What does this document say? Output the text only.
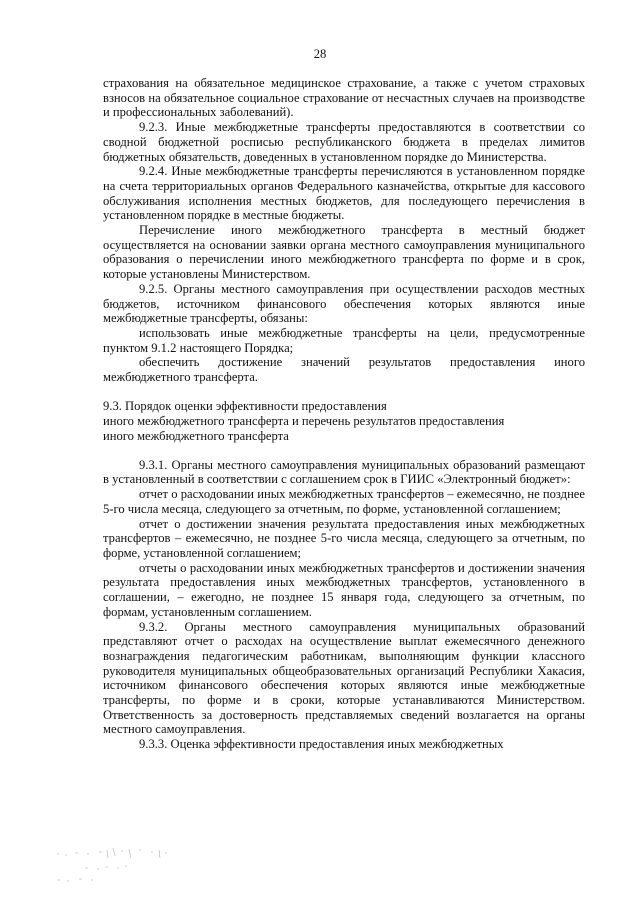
28

страхования на обязательное медицинское страхование, а также с учетом страховых взносов на обязательное социальное страхование от несчастных случаев на производстве и профессиональных заболеваний).

9.2.3. Иные межбюджетные трансферты предоставляются в соответствии со сводной бюджетной росписью республиканского бюджета в пределах лимитов бюджетных обязательств, доведенных в установленном порядке до Министерства.

9.2.4. Иные межбюджетные трансферты перечисляются в установленном порядке на счета территориальных органов Федерального казначейства, открытые для кассового обслуживания исполнения местных бюджетов, для последующего перечисления в установленном порядке в местные бюджеты.

Перечисление иного межбюджетного трансферта в местный бюджет осуществляется на основании заявки органа местного самоуправления муниципального образования о перечислении иного межбюджетного трансферта по форме и в срок, которые установлены Министерством.

9.2.5. Органы местного самоуправления при осуществлении расходов местных бюджетов, источником финансового обеспечения которых являются иные межбюджетные трансферты, обязаны:

использовать иные межбюджетные трансферты на цели, предусмотренные пунктом 9.1.2 настоящего Порядка;

обеспечить достижение значений результатов предоставления иного межбюджетного трансферта.

9.3. Порядок оценки эффективности предоставления

иного межбюджетного трансферта и перечень результатов предоставления

иного межбюджетного трансферта

9.3.1. Органы местного самоуправления муниципальных образований размещают в установленный в соответствии с соглашением срок в ГИИС «Электронный бюджет»:

отчет о расходовании иных межбюджетных трансфертов – ежемесячно, не позднее 5-го числа месяца, следующего за отчетным, по форме, установленной соглашением;

отчет о достижении значения результата предоставления иных межбюджетных трансфертов – ежемесячно, не позднее 5-го числа месяца, следующего за отчетным, по форме, установленной соглашением;

отчеты о расходовании иных межбюджетных трансфертов и достижении значения результата предоставления иных межбюджетных трансфертов, установленного в соглашении, – ежегодно, не позднее 15 января года, следующего за отчетным, по формам, установленным соглашением.

9.3.2. Органы местного самоуправления муниципальных образований представляют отчет о расходах на осуществление выплат ежемесячного денежного вознаграждения педагогическим работникам, выполняющим функции классного руководителя муниципальных общеобразовательных организаций Республики Хакасия, источником финансового обеспечения которых являются иные межбюджетные трансферты, по форме и в сроки, которые устанавливаются Министерством. Ответственность за достоверность представляемых сведений возлагается на органы местного самоуправления.

9.3.3. Оценка эффективности предоставления иных межбюджетных
